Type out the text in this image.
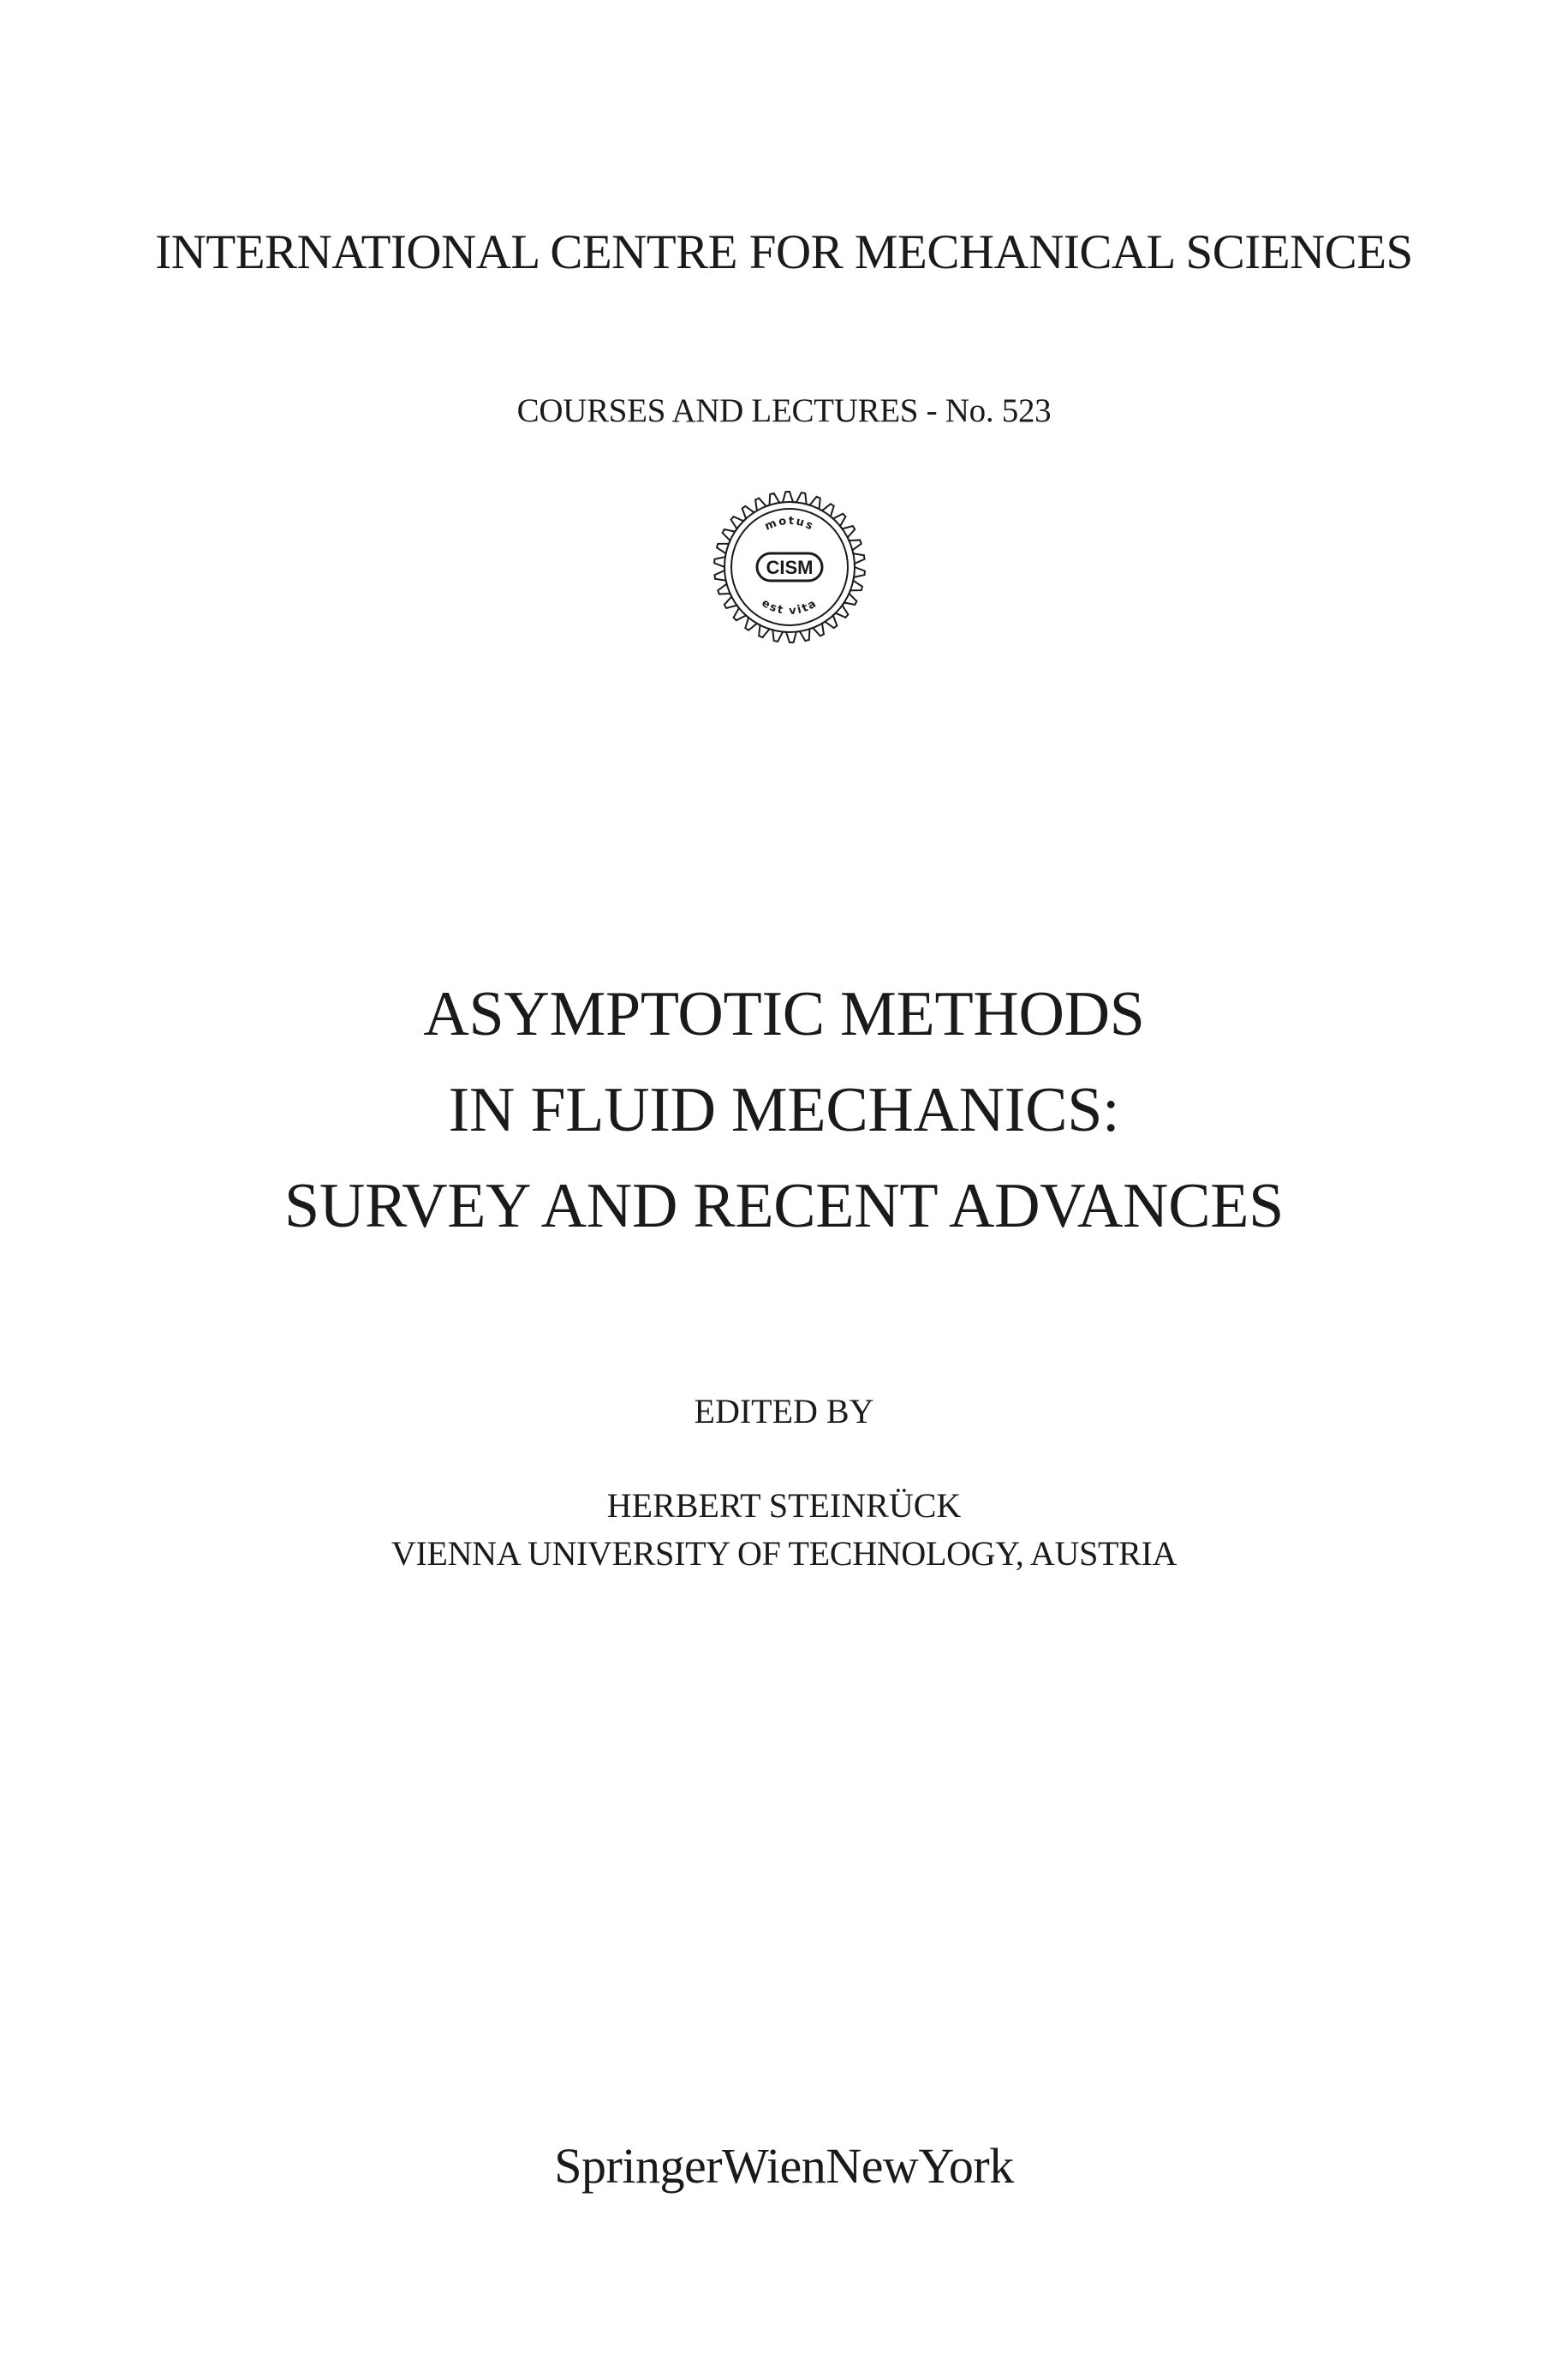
INTERNATIONAL CENTRE FOR MECHANICAL SCIENCES
COURSES AND LECTURES - No. 523
motus
est vita
CISM
ASYMPTOTIC METHODS
IN FLUID MECHANICS:
SURVEY AND RECENT ADVANCES
EDITED BY
HERBERT STEINRÜCK
VIENNA UNIVERSITY OF TECHNOLOGY, AUSTRIA
SpringerWienNewYork
